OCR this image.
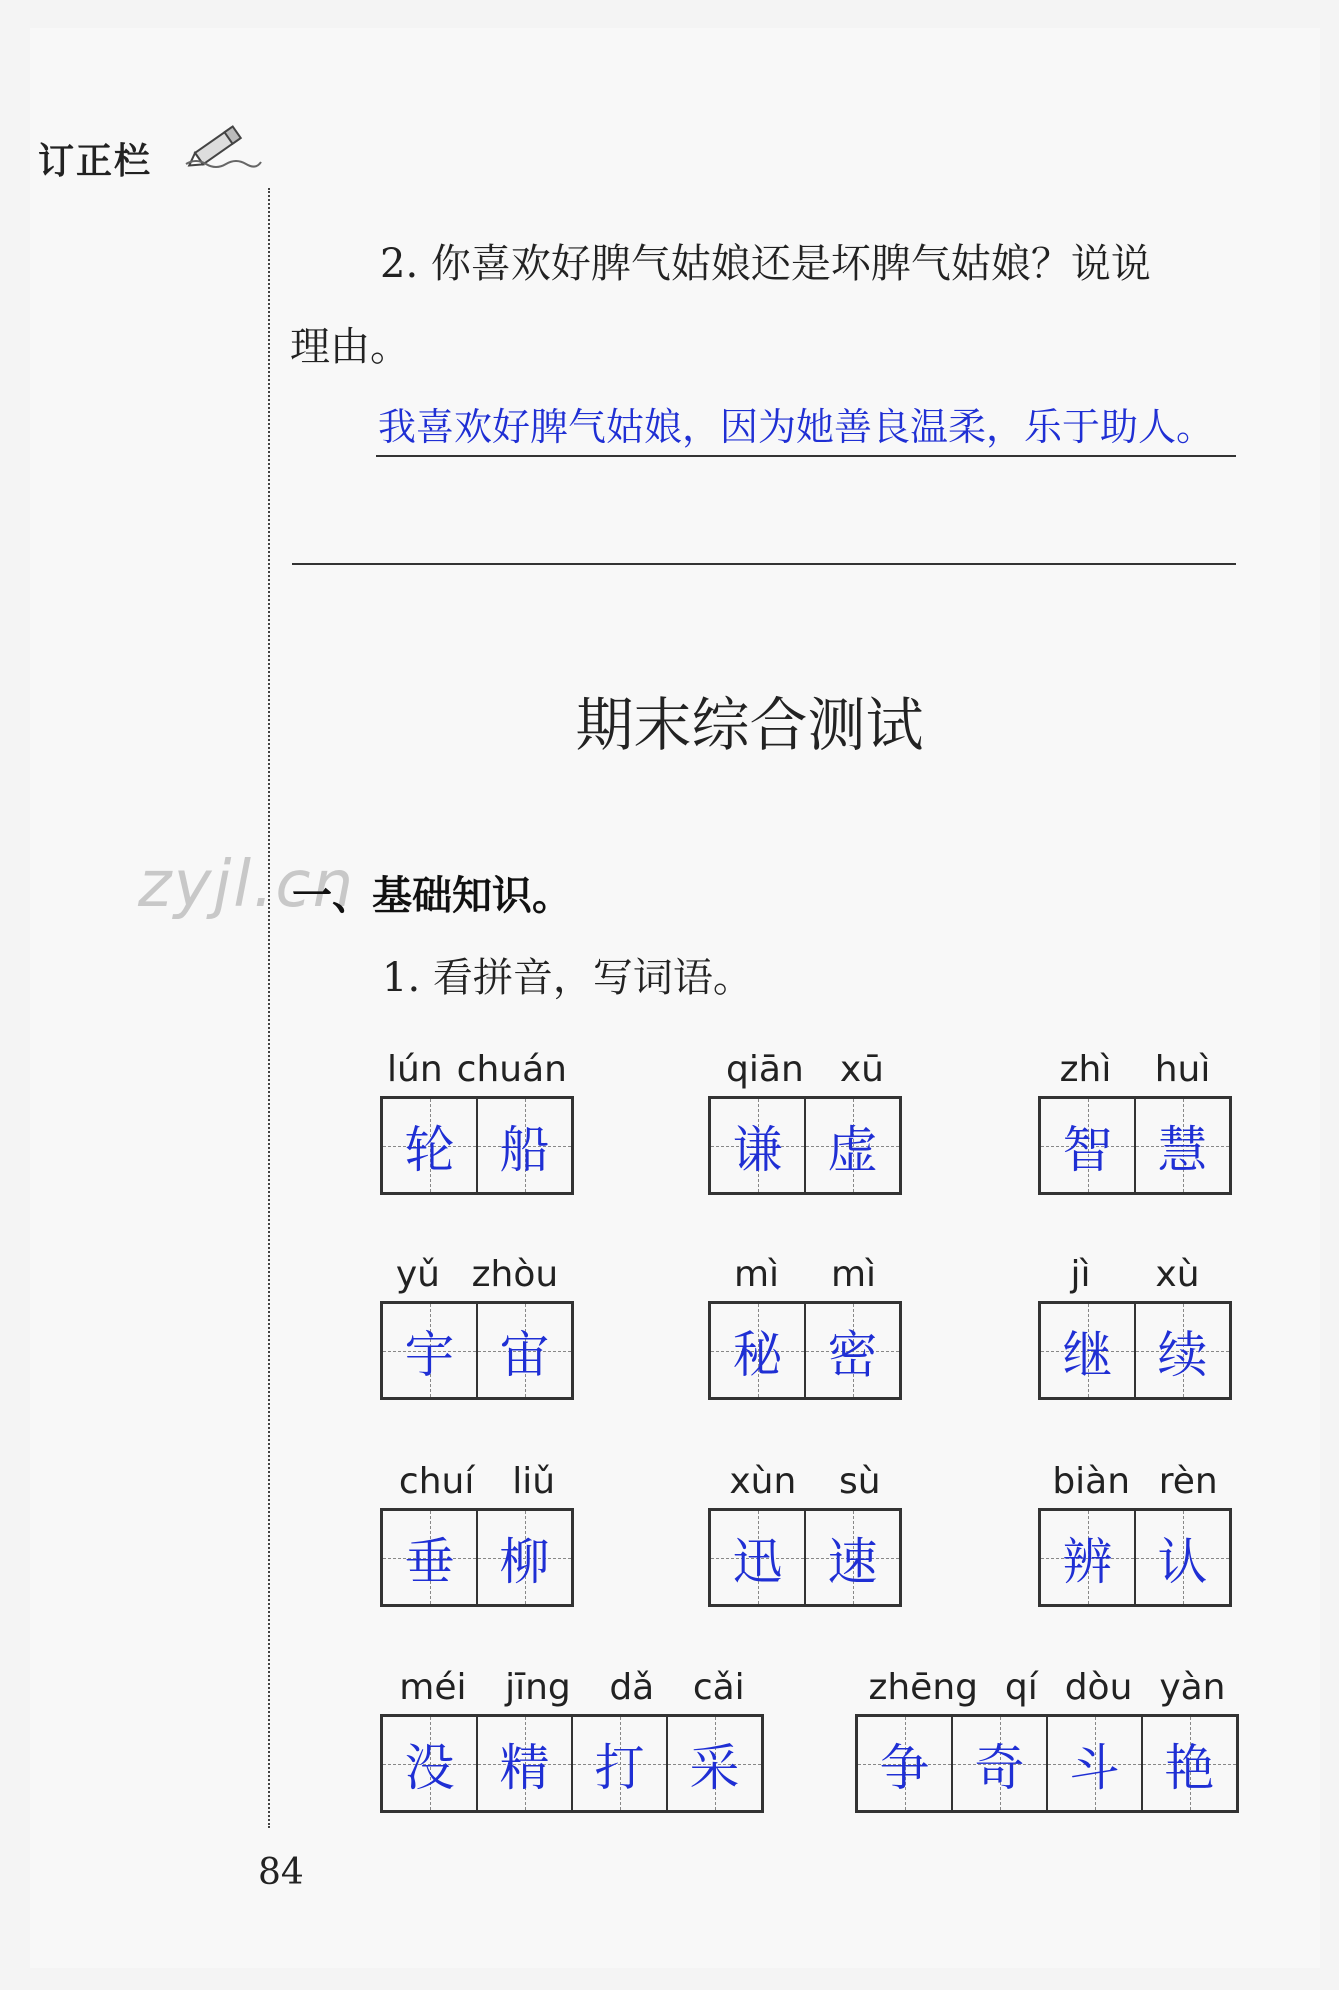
订正栏
2. 你喜欢好脾气姑娘还是坏脾气姑娘？说说
理由。
我喜欢好脾气姑娘，因为她善良温柔，乐于助人。
期末综合测试
zyjl.cn
一、基础知识。
1. 看拼音，写词语。
lún chuán
轮 船
qiān xū
谦 虚
zhì huì
智 慧
yǔ zhòu
宇 宙
mì mì
秘 密
jì xù
继 续
chuí liǔ
垂 柳
xùn sù
迅 速
biàn rèn
辨 认
méi jīng dǎ cǎi
没 精 打 采
zhēng qí dòu yàn
争 奇 斗 艳
84
